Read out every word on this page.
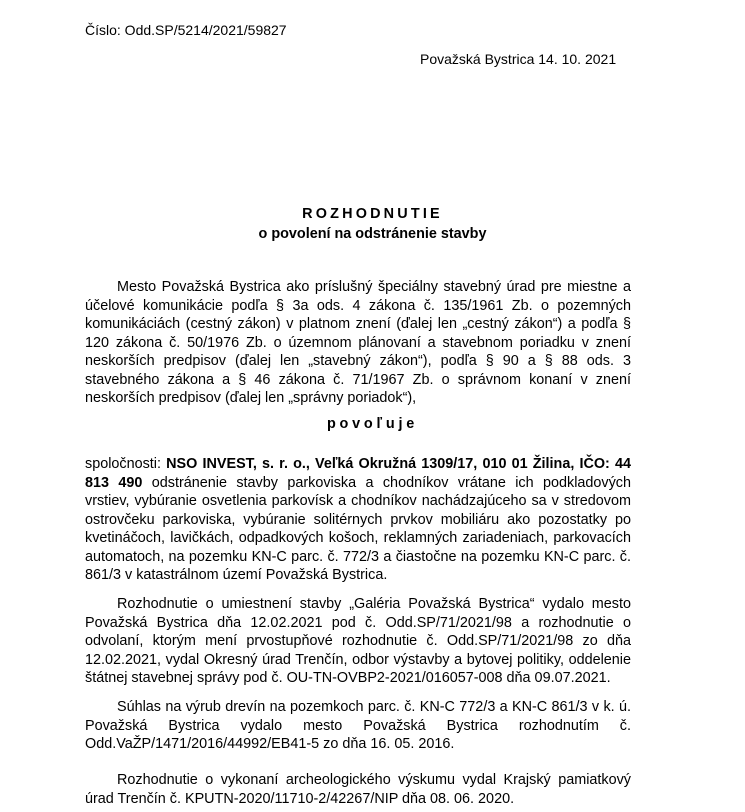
Číslo: Odd.SP/5214/2021/59827
Považská Bystrica 14. 10. 2021
ROZHODNUTIE
o povolení na odstránenie stavby

Mesto Považská Bystrica ako príslušný špeciálny stavebný úrad pre miestne a účelové komunikácie podľa § 3a ods. 4 zákona č. 135/1961 Zb. o pozemných komunikáciách (cestný zákon) v platnom znení (ďalej len „cestný zákon“) a podľa § 120 zákona č. 50/1976 Zb. o územnom plánovaní a stavebnom poriadku v znení neskorších predpisov (ďalej len „stavebný zákon“), podľa § 90 a § 88 ods. 3 stavebného zákona a § 46 zákona č. 71/1967 Zb. o správnom konaní v znení neskorších predpisov (ďalej len „správny poriadok“),

povoľuje

spoločnosti: NSO INVEST, s. r. o., Veľká Okružná 1309/17, 010 01 Žilina, IČO: 44 813 490 odstránenie stavby parkoviska a chodníkov vrátane ich podkladových vrstiev, vybúranie osvetlenia parkovísk a chodníkov nachádzajúceho sa v stredovom ostrovčeku parkoviska, vybúranie solitérnych prvkov mobiliáru ako pozostatky po kvetináčoch, lavičkách, odpadkových košoch, reklamných zariadeniach, parkovacích automatoch, na pozemku KN-C parc. č. 772/3 a čiastočne na pozemku KN-C parc. č. 861/3 v katastrálnom území Považská Bystrica.

Rozhodnutie o umiestnení stavby „Galéria Považská Bystrica“ vydalo mesto Považská Bystrica dňa 12.02.2021 pod č. Odd.SP/71/2021/98 a rozhodnutie o odvolaní, ktorým mení prvostupňové rozhodnutie č. Odd.SP/71/2021/98 zo dňa 12.02.2021, vydal Okresný úrad Trenčín, odbor výstavby a bytovej politiky, oddelenie štátnej stavebnej správy pod č. OU-TN-OVBP2-2021/016057-008 dňa 09.07.2021.

Súhlas na výrub drevín na pozemkoch parc. č. KN-C 772/3 a KN-C 861/3 v k. ú. Považská Bystrica vydalo mesto Považská Bystrica rozhodnutím č. Odd.VaŽP/1471/2016/44992/EB41-5 zo dňa 16. 05. 2016.

Rozhodnutie o vykonaní archeologického výskumu vydal Krajský pamiatkový úrad Trenčín č. KPUTN-2020/11710-2/42267/NIP dňa 08. 06. 2020.
